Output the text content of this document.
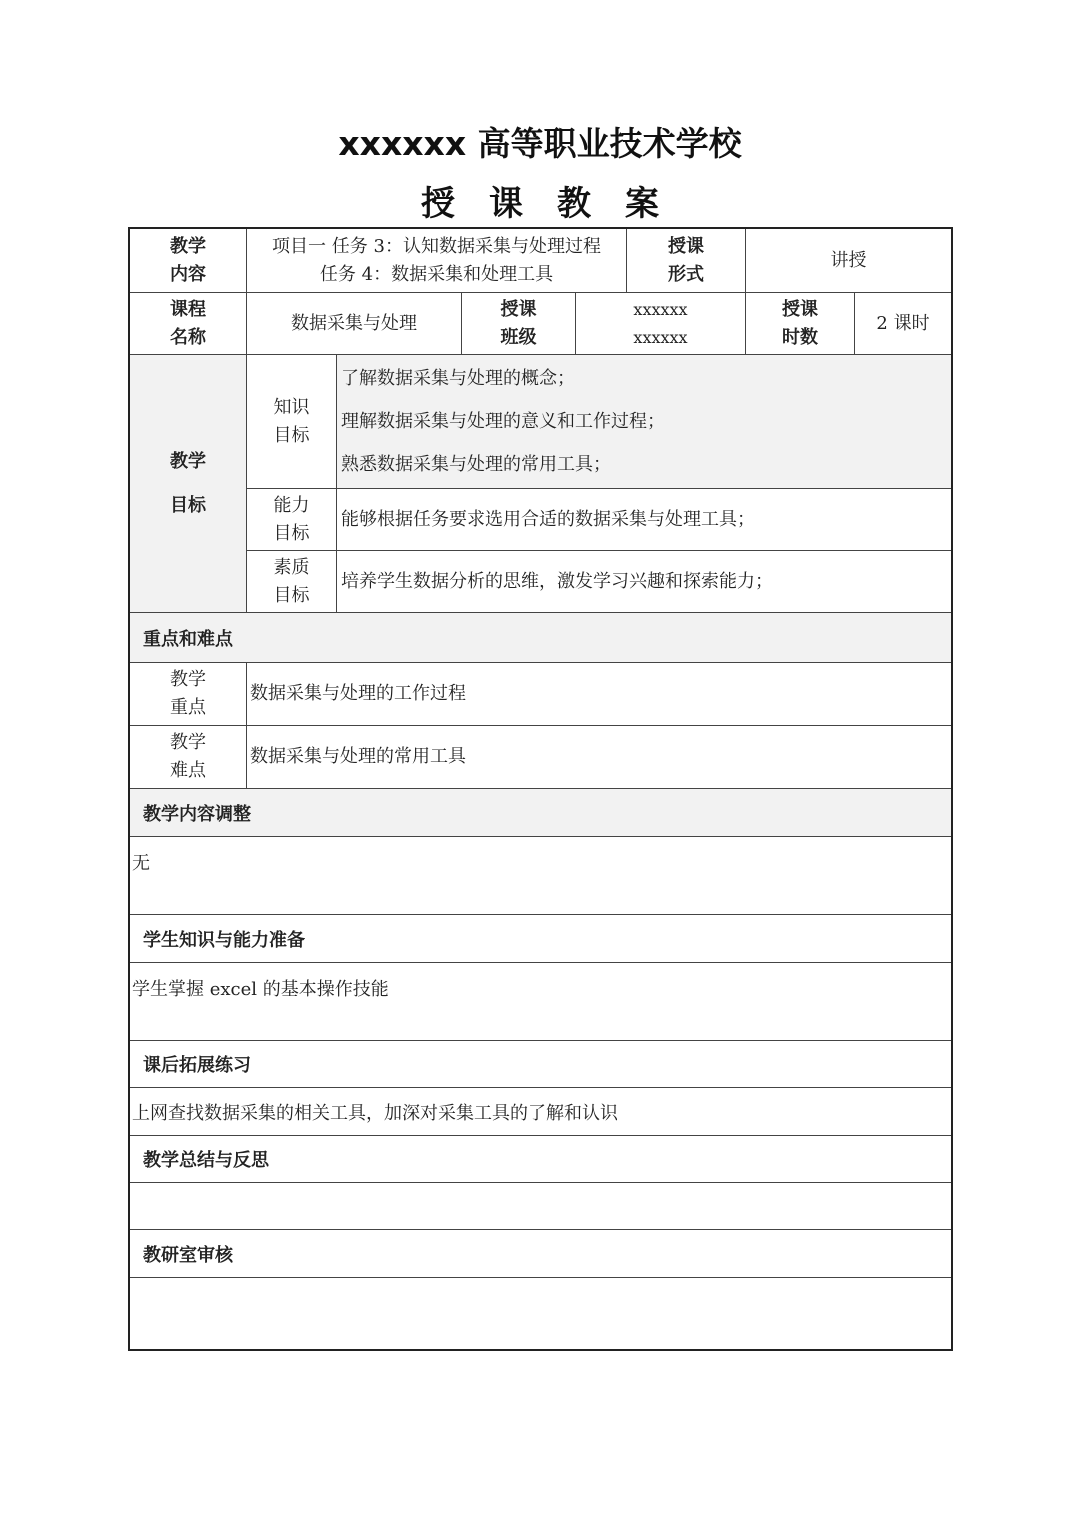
xxxxxx 高等职业技术学校
授课教案
教学
内容
项目一 任务 3：认知数据采集与处理过程
任务 4：数据采集和处理工具
授课
形式
讲授
课程
名称
数据采集与处理
授课
班级
xxxxxx
xxxxxx
授课
时数
2 课时
教学
目标
知识
目标
了解数据采集与处理的概念；
理解数据采集与处理的意义和工作过程；
熟悉数据采集与处理的常用工具；
能力
目标
能够根据任务要求选用合适的数据采集与处理工具；
素质
目标
培养学生数据分析的思维，激发学习兴趣和探索能力；
重点和难点
教学
重点
数据采集与处理的工作过程
教学
难点
数据采集与处理的常用工具
教学内容调整
无
学生知识与能力准备
学生掌握 excel 的基本操作技能
课后拓展练习
上网查找数据采集的相关工具，加深对采集工具的了解和认识
教学总结与反思
教研室审核
